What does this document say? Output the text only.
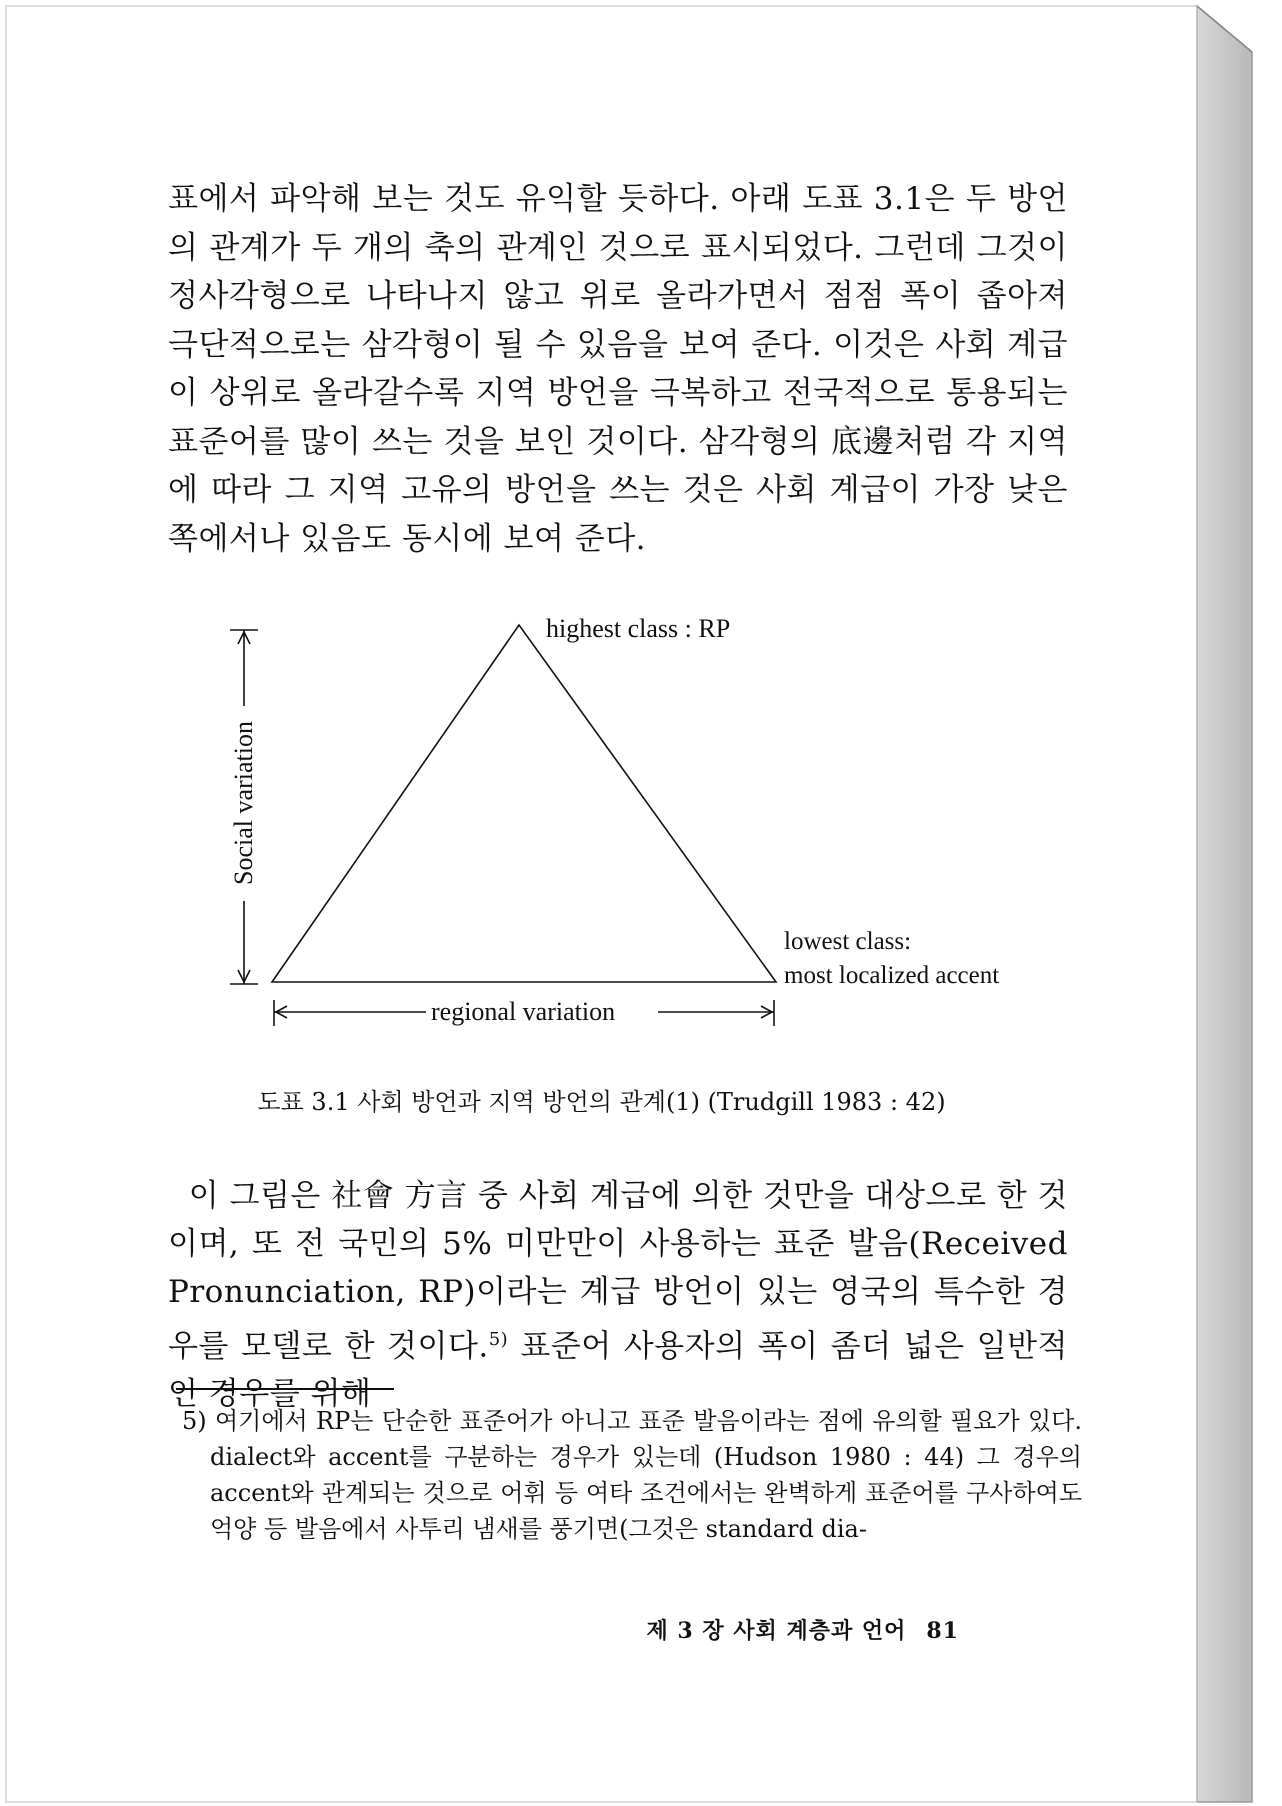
표에서 파악해 보는 것도 유익할 듯하다. 아래 도표 3.1은 두 방언의 관계가 두 개의 축의 관계인 것으로 표시되었다. 그런데 그것이 정사각형으로 나타나지 않고 위로 올라가면서 점점 폭이 좁아져 극단적으로는 삼각형이 될 수 있음을 보여 준다. 이것은 사회 계급이 상위로 올라갈수록 지역 방언을 극복하고 전국적으로 통용되는 표준어를 많이 쓰는 것을 보인 것이다. 삼각형의 底邊처럼 각 지역에 따라 그 지역 고유의 방언을 쓰는 것은 사회 계급이 가장 낮은 쪽에서나 있음도 동시에 보여 준다.

highest class : RP
lowest class:
most localized accent
Social variation
regional variation
도표 3.1 사회 방언과 지역 방언의 관계(1) (Trudgill 1983 : 42)

이 그림은 社會 方言 중 사회 계급에 의한 것만을 대상으로 한 것이며, 또 전 국민의 5% 미만만이 사용하는 표준 발음(Received Pronunciation, RP)이라는 계급 방언이 있는 영국의 특수한 경우를 모델로 한 것이다.$^{5)}$ 표준어 사용자의 폭이 좀더 넓은 일반적인 경우를 위해

5) 여기에서 RP는 단순한 표준어가 아니고 표준 발음이라는 점에 유의할 필요가 있다. dialect와 accent를 구분하는 경우가 있는데 (Hudson 1980 : 44) 그 경우의 accent와 관계되는 것으로 어휘 등 여타 조건에서는 완벽하게 표준어를 구사하여도 억양 등 발음에서 사투리 냄새를 풍기면(그것은 standard dia-

제 3 장 사회 계층과 언어 81
